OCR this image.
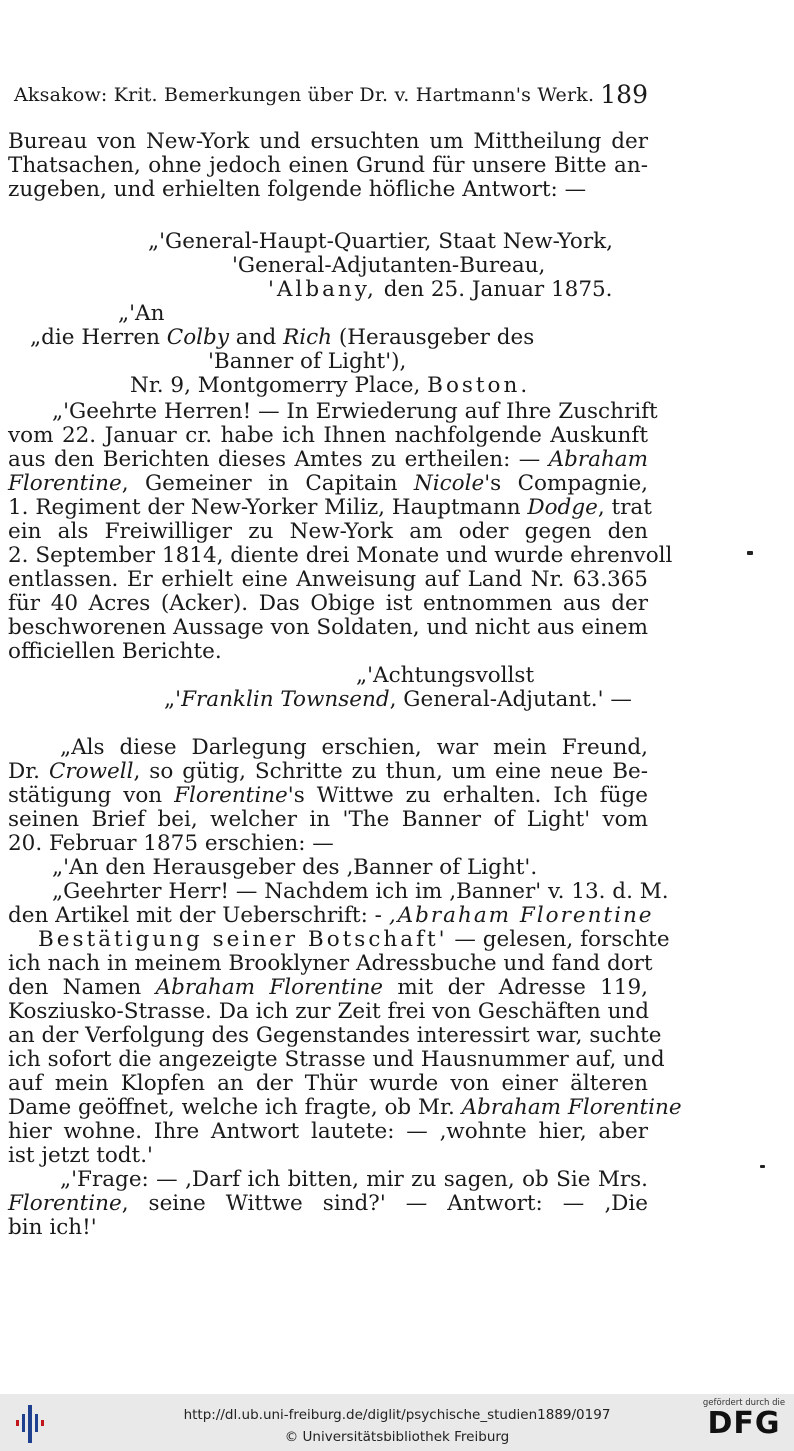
Aksakow: Krit. Bemerkungen über Dr. v. Hartmann's Werk. 189
Bureau von New-York und ersuchten um Mittheilung der
Thatsachen, ohne jedoch einen Grund für unsere Bitte an-
zugeben, und erhielten folgende höfliche Antwort: —
„'General-Haupt-Quartier, Staat New-York,
'General-Adjutanten-Bureau,
'Albany, den 25. Januar 1875.
„'An
„die Herren Colby and Rich (Herausgeber des
'Banner of Light'),
Nr. 9, Montgomerry Place, Boston.
„'Geehrte Herren! — In Erwiederung auf Ihre Zuschrift
vom 22. Januar cr. habe ich Ihnen nachfolgende Auskunft
aus den Berichten dieses Amtes zu ertheilen: — Abraham
Florentine, Gemeiner in Capitain Nicole's Compagnie,
1. Regiment der New-Yorker Miliz, Hauptmann Dodge, trat
ein als Freiwilliger zu New-York am oder gegen den
2. September 1814, diente drei Monate und wurde ehrenvoll
entlassen. Er erhielt eine Anweisung auf Land Nr. 63.365
für 40 Acres (Acker). Das Obige ist entnommen aus der
beschworenen Aussage von Soldaten, und nicht aus einem
officiellen Berichte.
„'Achtungsvollst
„'Franklin Townsend, General-Adjutant.' —
„Als diese Darlegung erschien, war mein Freund,
Dr. Crowell, so gütig, Schritte zu thun, um eine neue Be-
stätigung von Florentine's Wittwe zu erhalten. Ich füge
seinen Brief bei, welcher in 'The Banner of Light' vom
20. Februar 1875 erschien: —
„'An den Herausgeber des ‚Banner of Light'.
„Geehrter Herr! — Nachdem ich im ‚Banner' v. 13. d. M.
den Artikel mit der Ueberschrift: - ‚Abraham Florentine
Bestätigung seiner Botschaft' — gelesen, forschte
ich nach in meinem Brooklyner Adressbuche und fand dort
den Namen Abraham Florentine mit der Adresse 119,
Kosziusko-Strasse. Da ich zur Zeit frei von Geschäften und
an der Verfolgung des Gegenstandes interessirt war, suchte
ich sofort die angezeigte Strasse und Hausnummer auf, und
auf mein Klopfen an der Thür wurde von einer älteren
Dame geöffnet, welche ich fragte, ob Mr. Abraham Florentine
hier wohne. Ihre Antwort lautete: — ‚wohnte hier, aber
ist jetzt todt.'
„'Frage: — ‚Darf ich bitten, mir zu sagen, ob Sie Mrs.
Florentine, seine Wittwe sind?' — Antwort: — ‚Die
bin ich!'
http://dl.ub.uni-freiburg.de/diglit/psychische_studien1889/0197
© Universitätsbibliothek Freiburg
gefördert durch die
DFG
